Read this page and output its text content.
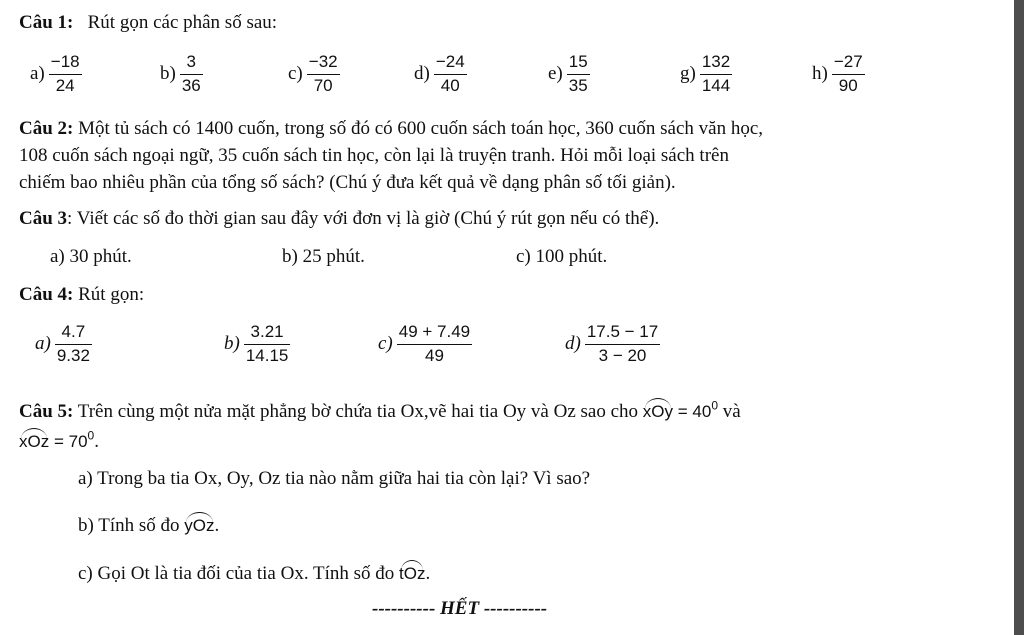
Câu 1: Rút gọn các phân số sau:
$a) \frac{-18}{24}$	$b) \frac{3}{36}$	$c) \frac{-32}{70}$	$d) \frac{-24}{40}$	$e) \frac{15}{35}$	$g) \frac{132}{144}$	$h) \frac{-27}{90}$
Câu 2: Một tủ sách có 1400 cuốn, trong số đó có 600 cuốn sách toán học, 360 cuốn sách văn học,
108 cuốn sách ngoại ngữ, 35 cuốn sách tin học, còn lại là truyện tranh. Hỏi mỗi loại sách trên
chiếm bao nhiêu phần của tổng số sách? (Chú ý đưa kết quả về dạng phân số tối giản).
Câu 3: Viết các số đo thời gian sau đây với đơn vị là giờ (Chú ý rút gọn nếu có thể).
a) 30 phút.	b) 25 phút.	c) 100 phút.
Câu 4: Rút gọn:
$a) \frac{4.7}{9.32}$	$b) \frac{3.21}{14.15}$	$c) \frac{49 + 7.49}{49}$	$d) \frac{17.5 - 17}{3 - 20}$
Câu 5: Trên cùng một nửa mặt phẳng bờ chứa tia Ox,vẽ hai tia Oy và Oz sao cho xOy = $40^0$ và
xOz = $70^0$.
a) Trong ba tia Ox, Oy, Oz tia nào nằm giữa hai tia còn lại? Vì sao?
b) Tính số đo yOz.
c) Gọi Ot là tia đối của tia Ox. Tính số đo tOz.
---------- HẾT ----------
